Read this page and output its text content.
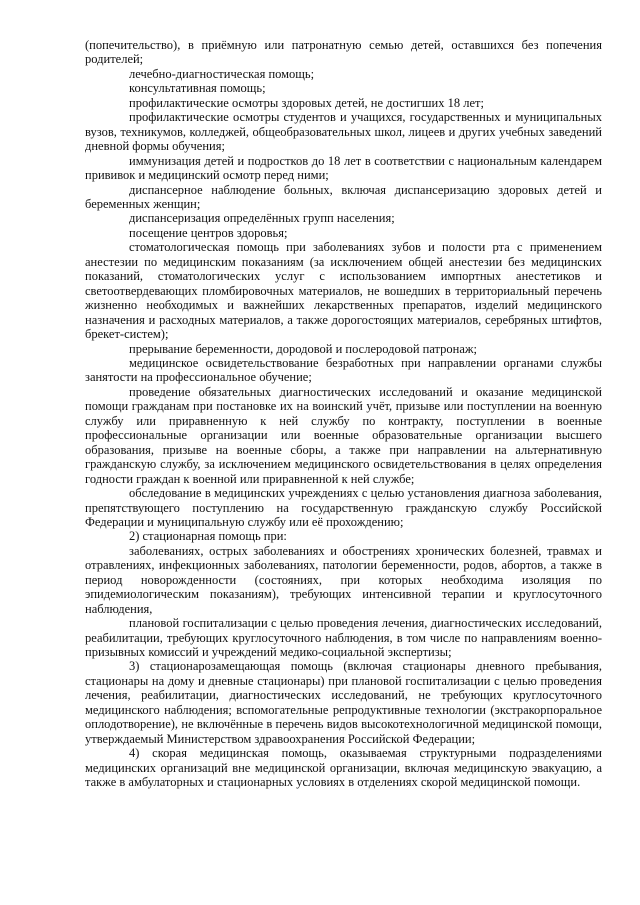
(попечительство), в приёмную или патронатную семью детей, оставшихся без попечения родителей;

лечебно-диагностическая помощь;

консультативная помощь;

профилактические осмотры здоровых детей, не достигших 18 лет;

профилактические осмотры студентов и учащихся, государственных и муниципальных вузов, техникумов, колледжей, общеобразовательных школ, лицеев и других учебных заведений дневной формы обучения;

иммунизация детей и подростков до 18 лет в соответствии с национальным календарем прививок и медицинский осмотр перед ними;

диспансерное наблюдение больных, включая диспансеризацию здоровых детей и беременных женщин;

диспансеризация определённых групп населения;

посещение центров здоровья;

стоматологическая помощь при заболеваниях зубов и полости рта с применением анестезии по медицинским показаниям (за исключением общей анестезии без медицинских показаний, стоматологических услуг с использованием импортных анестетиков и светоотвердевающих пломбировочных материалов, не вошедших в территориальный перечень жизненно необходимых и важнейших лекарственных препаратов, изделий медицинского назначения и расходных материалов, а также дорогостоящих материалов, серебряных штифтов, брекет-систем);

прерывание беременности, дородовой и послеродовой патронаж;

медицинское освидетельствование безработных при направлении органами службы занятости на профессиональное обучение;

проведение обязательных диагностических исследований и оказание медицинской помощи гражданам при постановке их на воинский учёт, призыве или поступлении на военную службу или приравненную к ней службу по контракту, поступлении в военные профессиональные организации или военные образовательные организации высшего образования, призыве на военные сборы, а также при направлении на альтернативную гражданскую службу, за исключением медицинского освидетельствования в целях определения годности граждан к военной или приравненной к ней службе;

обследование в медицинских учреждениях с целью установления диагноза заболевания, препятствующего поступлению на государственную гражданскую службу Российской Федерации и муниципальную службу или её прохождению;

2) стационарная помощь при:

заболеваниях, острых заболеваниях и обострениях хронических болезней, травмах и отравлениях, инфекционных заболеваниях, патологии беременности, родов, абортов, а также в период новорожденности (состояниях, при которых необходима изоляция по эпидемиологическим показаниям), требующих интенсивной терапии и круглосуточного наблюдения,

плановой госпитализации с целью проведения лечения, диагностических исследований, реабилитации, требующих круглосуточного наблюдения, в том числе по направлениям военно-призывных комиссий и учреждений медико-социальной экспертизы;

3) стационарозамещающая помощь (включая стационары дневного пребывания, стационары на дому и дневные стационары) при плановой госпитализации с целью проведения лечения, реабилитации, диагностических исследований, не требующих круглосуточного медицинского наблюдения; вспомогательные репродуктивные технологии (экстракорпоральное оплодотворение), не включённые в перечень видов высокотехнологичной медицинской помощи, утверждаемый Министерством здравоохранения Российской Федерации;

4) скорая медицинская помощь, оказываемая структурными подразделениями медицинских организаций вне медицинской организации, включая медицинскую эвакуацию, а также в амбулаторных и стационарных условиях в отделениях скорой медицинской помощи.
